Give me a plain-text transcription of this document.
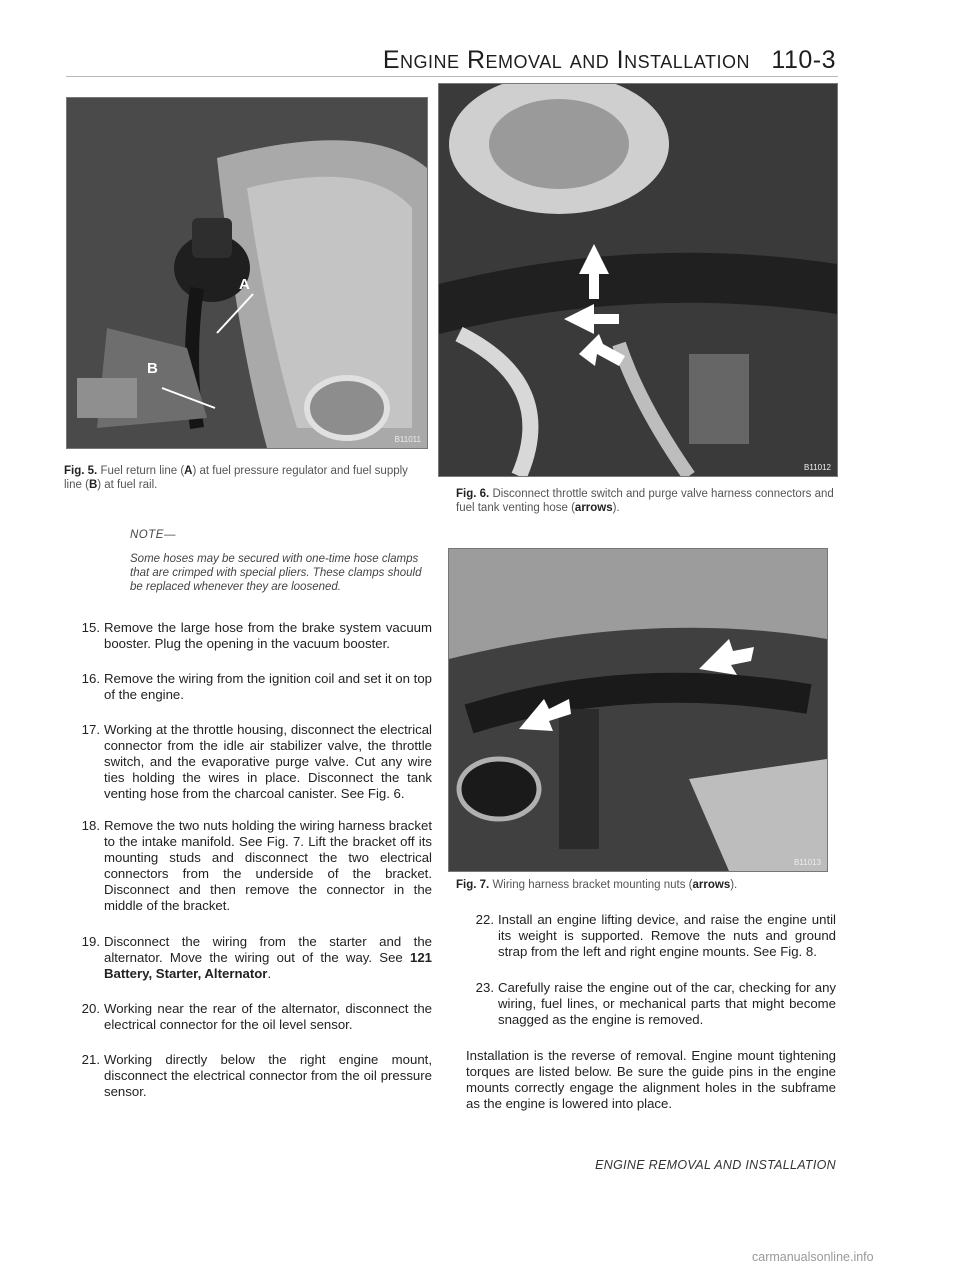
Engine Removal and Installation 110-3
A
B
B11011
B11012
B11013
Fig. 5. Fuel return line (A) at fuel pressure regulator and fuel supply line (B) at fuel rail.
Fig. 6. Disconnect throttle switch and purge valve harness connectors and fuel tank venting hose (arrows).
Fig. 7. Wiring harness bracket mounting nuts (arrows).
NOTE—
Some hoses may be secured with one-time hose clamps that are crimped with special pliers. These clamps should be replaced whenever they are loosened.
15. Remove the large hose from the brake system vacuum booster. Plug the opening in the vacuum booster.
16. Remove the wiring from the ignition coil and set it on top of the engine.
17. Working at the throttle housing, disconnect the electrical connector from the idle air stabilizer valve, the throttle switch, and the evaporative purge valve. Cut any wire ties holding the wires in place. Disconnect the tank venting hose from the charcoal canister. See Fig. 6.
18. Remove the two nuts holding the wiring harness bracket to the intake manifold. See Fig. 7. Lift the bracket off its mounting studs and disconnect the two electrical connectors from the underside of the bracket. Disconnect and then remove the connector in the middle of the bracket.
19. Disconnect the wiring from the starter and the alternator. Move the wiring out of the way. See 121 Battery, Starter, Alternator.
20. Working near the rear of the alternator, disconnect the electrical connector for the oil level sensor.
21. Working directly below the right engine mount, disconnect the electrical connector from the oil pressure sensor.
22. Install an engine lifting device, and raise the engine until its weight is supported. Remove the nuts and ground strap from the left and right engine mounts. See Fig. 8.
23. Carefully raise the engine out of the car, checking for any wiring, fuel lines, or mechanical parts that might become snagged as the engine is removed.
Installation is the reverse of removal. Engine mount tightening torques are listed below. Be sure the guide pins in the engine mounts correctly engage the alignment holes in the subframe as the engine is lowered into place.
ENGINE REMOVAL AND INSTALLATION
carmanualsonline.info
